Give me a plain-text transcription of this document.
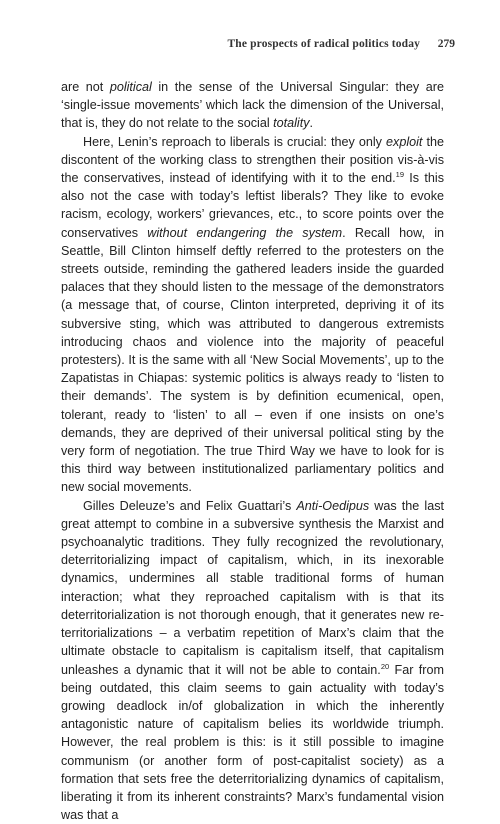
The prospects of radical politics today 279

are not political in the sense of the Universal Singular: they are ‘single-issue movements’ which lack the dimension of the Universal, that is, they do not relate to the social totality.

Here, Lenin’s reproach to liberals is crucial: they only exploit the discontent of the working class to strengthen their position vis-à-vis the conservatives, instead of identifying with it to the end.$^{19}$ Is this also not the case with today’s leftist liberals? They like to evoke racism, ecology, workers’ grievances, etc., to score points over the conservatives without endangering the system. Recall how, in Seattle, Bill Clinton himself deftly referred to the protesters on the streets outside, reminding the gathered leaders inside the guarded palaces that they should listen to the message of the demonstrators (a message that, of course, Clinton interpreted, depriving it of its subversive sting, which was attributed to dangerous extremists introducing chaos and violence into the majority of peaceful protesters). It is the same with all ‘New Social Movements’, up to the Zapatistas in Chiapas: systemic politics is always ready to ‘listen to their demands’. The system is by definition ecumenical, open, tolerant, ready to ‘listen’ to all – even if one insists on one’s demands, they are deprived of their universal political sting by the very form of negotiation. The true Third Way we have to look for is this third way between institutionalized parliamentary politics and new social movements.

Gilles Deleuze’s and Felix Guattari’s Anti-Oedipus was the last great attempt to combine in a subversive synthesis the Marxist and psychoanalytic traditions. They fully recognized the revolutionary, deterritorializing impact of capitalism, which, in its inexorable dynamics, undermines all stable traditional forms of human interaction; what they reproached capitalism with is that its deterritorialization is not thorough enough, that it generates new re-territorializations – a verbatim repetition of Marx’s claim that the ultimate obstacle to capitalism is capitalism itself, that capitalism unleashes a dynamic that it will not be able to contain.$^{20}$ Far from being outdated, this claim seems to gain actuality with today’s growing deadlock in/of globalization in which the inherently antagonistic nature of capitalism belies its worldwide triumph. However, the real problem is this: is it still possible to imagine communism (or another form of post-capitalist society) as a formation that sets free the deterritorializing dynamics of capitalism, liberating it from its inherent constraints? Marx’s fundamental vision was that a
